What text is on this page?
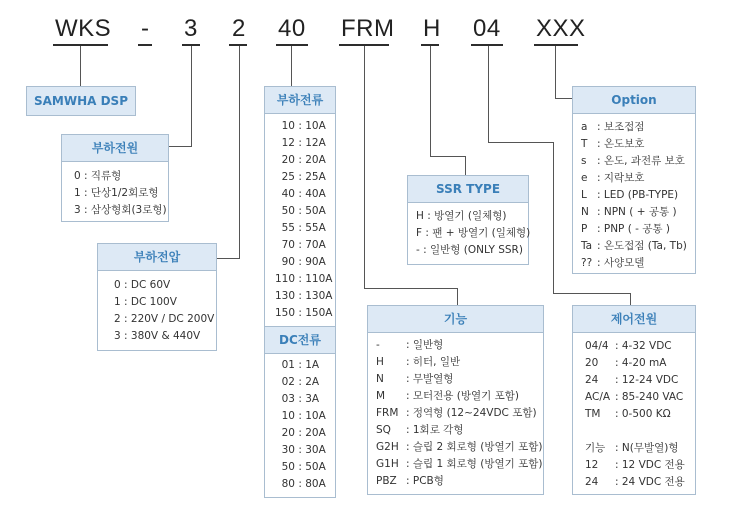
WKS - 3 2 40 FRM H 04 XXX
SAMWHA DSP
부하전원
0 : 직류형
1 : 단상1/2회로형
3 : 삼상형회(3로형)
부하전압
0 : DC 60V
1 : DC 100V
2 : 220V / DC 200V
3 : 380V & 440V
부하전류
10 : 10A
12 : 12A
20 : 20A
25 : 25A
40 : 40A
50 : 50A
55 : 55A
70 : 70A
90 : 90A
110 : 110A
130 : 130A
150 : 150A
DC전류
01 : 1A
02 : 2A
03 : 3A
10 : 10A
20 : 20A
30 : 30A
50 : 50A
80 : 80A
SSR TYPE
H : 방열기 (일체형)
F : 팬 + 방열기 (일체형)
- : 일반형 (ONLY SSR)
기능
- : 일반형
H : 히터, 일반
N : 무발열형
M : 모터전용 (방열기 포함)
FRM : 정역형 (12~24VDC 포함)
SQ : 1회로 각형
G2H : 슬립 2 회로형 (방열기 포함)
G1H : 슬립 1 회로형 (방열기 포함)
PBZ : PCB형
Option
a : 보조접점
T : 온도보호
s : 온도, 과전류 보호
e : 지락보호
L : LED (PB-TYPE)
N : NPN ( + 공통 )
P : PNP ( - 공통 )
Ta : 온도접점 (Ta, Tb)
?? : 사양모델
제어전원
04/4 : 4-32 VDC
20 : 4-20 mA
24 : 12-24 VDC
AC/A : 85-240 VAC
TM : 0-500 KΩ
기능 : N(무발열)형
12 : 12 VDC 전용
24 : 24 VDC 전용
